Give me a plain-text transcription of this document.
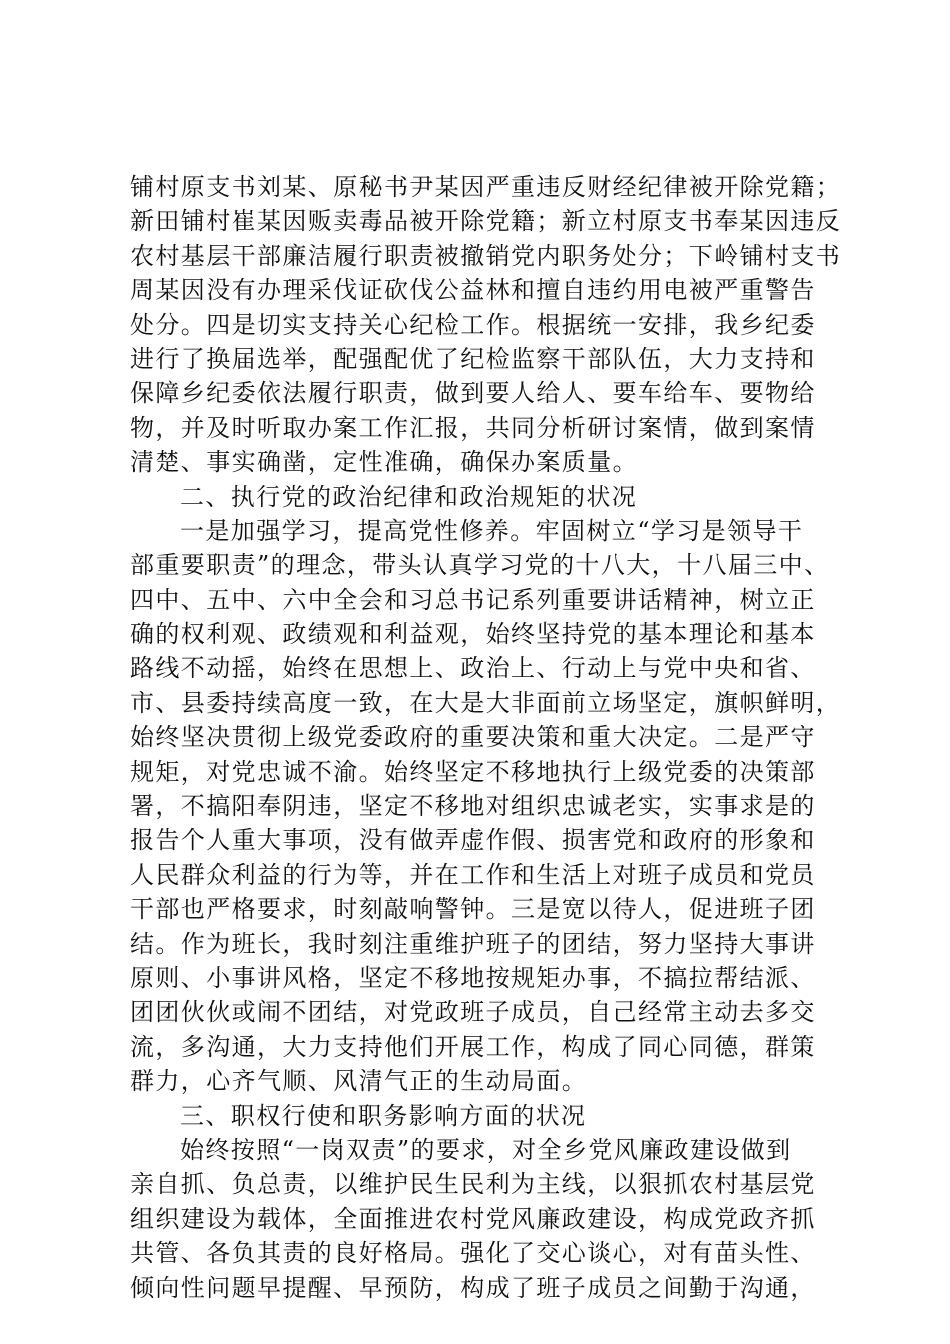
铺村原支书刘某、原秘书尹某因严重违反财经纪律被开除党籍；
新田铺村崔某因贩卖毒品被开除党籍；新立村原支书奉某因违反
农村基层干部廉洁履行职责被撤销党内职务处分；下岭铺村支书
周某因没有办理采伐证砍伐公益林和擅自违约用电被严重警告
处分。四是切实支持关心纪检工作。根据统一安排，我乡纪委
进行了换届选举，配强配优了纪检监察干部队伍，大力支持和
保障乡纪委依法履行职责，做到要人给人、要车给车、要物给
物，并及时听取办案工作汇报，共同分析研讨案情，做到案情
清楚、事实确凿，定性准确，确保办案质量。
二、执行党的政治纪律和政治规矩的状况
一是加强学习，提高党性修养。牢固树立“学习是领导干
部重要职责”的理念，带头认真学习党的十八大，十八届三中、
四中、五中、六中全会和习总书记系列重要讲话精神，树立正
确的权利观、政绩观和利益观，始终坚持党的基本理论和基本
路线不动摇，始终在思想上、政治上、行动上与党中央和省、
市、县委持续高度一致，在大是大非面前立场坚定，旗帜鲜明，
始终坚决贯彻上级党委政府的重要决策和重大决定。二是严守
规矩，对党忠诚不渝。始终坚定不移地执行上级党委的决策部
署，不搞阳奉阴违，坚定不移地对组织忠诚老实，实事求是的
报告个人重大事项，没有做弄虚作假、损害党和政府的形象和
人民群众利益的行为等，并在工作和生活上对班子成员和党员
干部也严格要求，时刻敲响警钟。三是宽以待人，促进班子团
结。作为班长，我时刻注重维护班子的团结，努力坚持大事讲
原则、小事讲风格，坚定不移地按规矩办事，不搞拉帮结派、
团团伙伙或闹不团结，对党政班子成员，自己经常主动去多交
流，多沟通，大力支持他们开展工作，构成了同心同德，群策
群力，心齐气顺、风清气正的生动局面。
三、职权行使和职务影响方面的状况
始终按照“一岗双责”的要求，对全乡党风廉政建设做到
亲自抓、负总责，以维护民生民利为主线，以狠抓农村基层党
组织建设为载体，全面推进农村党风廉政建设，构成党政齐抓
共管、各负其责的良好格局。强化了交心谈心，对有苗头性、
倾向性问题早提醒、早预防，构成了班子成员之间勤于沟通，
